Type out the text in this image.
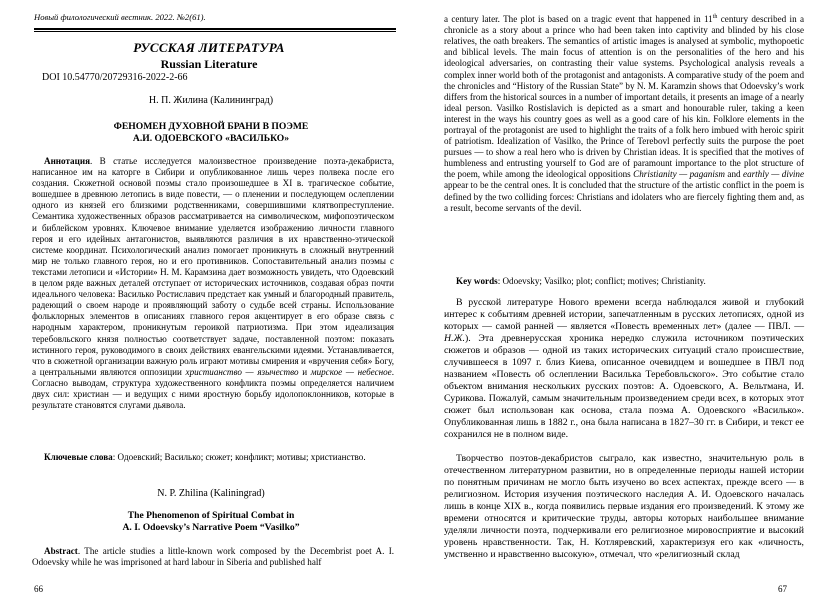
Новый филологический вестник. 2022. №2(61).
РУССКАЯ ЛИТЕРАТУРА
Russian Literature
DOI 10.54770/20729316-2022-2-66
Н. П. Жилина (Калининград)
ФЕНОМЕН ДУХОВНОЙ БРАНИ В ПОЭМЕ
А.И. ОДОЕВСКОГО «ВАСИЛЬКО»
Аннотация. В статье исследуется малоизвестное произведение поэта-декабриста, написанное им на каторге в Сибири и опубликованное лишь через полвека после его создания. Сюжетной основой поэмы стало произошедшее в XI в. трагическое событие, вошедшее в древнюю летопись в виде повести, — о пленении и последующем ослеплении одного из князей его близкими родственниками, совершившими клятвопреступление. Семантика художественных образов рассматривается на символическом, мифопоэтическом и библейском уровнях. Ключевое внимание уделяется изображению личности главного героя и его идейных антагонистов, выявляются различия в их нравственно-этической системе координат. Психологический анализ помогает проникнуть в сложный внутренний мир не только главного героя, но и его противников. Сопоставительный анализ поэмы с текстами летописи и «Истории» Н. М. Карамзина дает возможность увидеть, что Одоевский в целом ряде важных деталей отступает от исторических источников, создавая образ почти идеального человека: Василько Ростиславич предстает как умный и благородный правитель, радеющий о своем народе и проявляющий заботу о судьбе всей страны. Использование фольклорных элементов в описаниях главного героя акцентирует в его образе связь с народным характером, проникнутым героикой патриотизма. При этом идеализация теребовльского князя полностью соответствует задаче, поставленной поэтом: показать истинного героя, руководимого в своих действиях евангельскими идеями. Устанавливается, что в сюжетной организации важную роль играют мотивы смирения и «вручения себя» Богу, а центральными являются оппозиции христианство — язычество и мирское — небесное. Согласно выводам, структура художественного конфликта поэмы определяется наличием двух сил: христиан — и ведущих с ними яростную борьбу идолопоклонников, которые в результате становятся слугами дьявола.
Ключевые слова: Одоевский; Василько; сюжет; конфликт; мотивы; христианство.
N. P. Zhilina (Kaliningrad)
The Phenomenon of Spiritual Combat in
A. I. Odoevsky’s Narrative Poem “Vasilko”
Abstract. The article studies a little-known work composed by the Decembrist poet A. I. Odoevsky while he was imprisoned at hard labour in Siberia and published half
66
a century later. The plot is based on a tragic event that happened in 11th century described in a chronicle as a story about a prince who had been taken into captivity and blinded by his close relatives, the oath breakers. The semantics of artistic images is analysed at symbolic, mythopoetic and biblical levels. The main focus of attention is on the personalities of the hero and his ideological adversaries, on contrasting their value systems. Psychological analysis reveals a complex inner world both of the protagonist and antagonists. A comparative study of the poem and the chronicles and “History of the Russian State” by N. M. Karamzin shows that Odoevsky’s work differs from the historical sources in a number of important details, it presents an image of a nearly ideal person. Vasilko Rostislavich is depicted as a smart and honourable ruler, taking a keen interest in the ways his country goes as well as a good care of his kin. Folklore elements in the portrayal of the protagonist are used to highlight the traits of a folk hero imbued with heroic spirit of patriotism. Idealization of Vasilko, the Prince of Terebovl perfectly suits the purpose the poet pursues — to show a real hero who is driven by Christian ideas. It is specified that the motives of humbleness and entrusting yourself to God are of paramount importance to the plot structure of the poem, while among the ideological oppositions Christianity — paganism and earthly — divine appear to be the central ones. It is concluded that the structure of the artistic conflict in the poem is defined by the two colliding forces: Christians and idolaters who are fiercely fighting them and, as a result, become servants of the devil.
Key words: Odoevsky; Vasilko; plot; conflict; motives; Christianity.
В русской литературе Нового времени всегда наблюдался живой и глубокий интерес к событиям древней истории, запечатленным в русских летописях, одной из которых — самой ранней — является «Повесть временных лет» (далее — ПВЛ. — Н.Ж.). Эта древнерусская хроника нередко служила источником поэтических сюжетов и образов — одной из таких исторических ситуаций стало происшествие, случившееся в 1097 г. близ Киева, описанное очевидцем и вошедшее в ПВЛ под названием «Повесть об ослеплении Василька Теребовльского». Это событие стало объектом внимания нескольких русских поэтов: А. Одоевского, А. Вельтмана, И. Сурикова. Пожалуй, самым значительным произведением среди всех, в которых этот сюжет был использован как основа, стала поэма А. Одоевского «Василько». Опубликованная лишь в 1882 г., она была написана в 1827–30 гг. в Сибири, и текст ее сохранился не в полном виде.
Творчество поэтов-декабристов сыграло, как известно, значительную роль в отечественном литературном развитии, но в определенные периоды нашей истории по понятным причинам не могло быть изучено во всех аспектах, прежде всего — в религиозном. История изучения поэтического наследия А. И. Одоевского началась лишь в конце XIX в., когда появились первые издания его произведений. К этому же времени относятся и критические труды, авторы которых наибольшее внимание уделяли личности поэта, подчеркивали его религиозное мировосприятие и высокий уровень нравственности. Так, Н. Котляревский, характеризуя его как «личность, умственно и нравственно высокую», отмечал, что «религиозный склад
67
